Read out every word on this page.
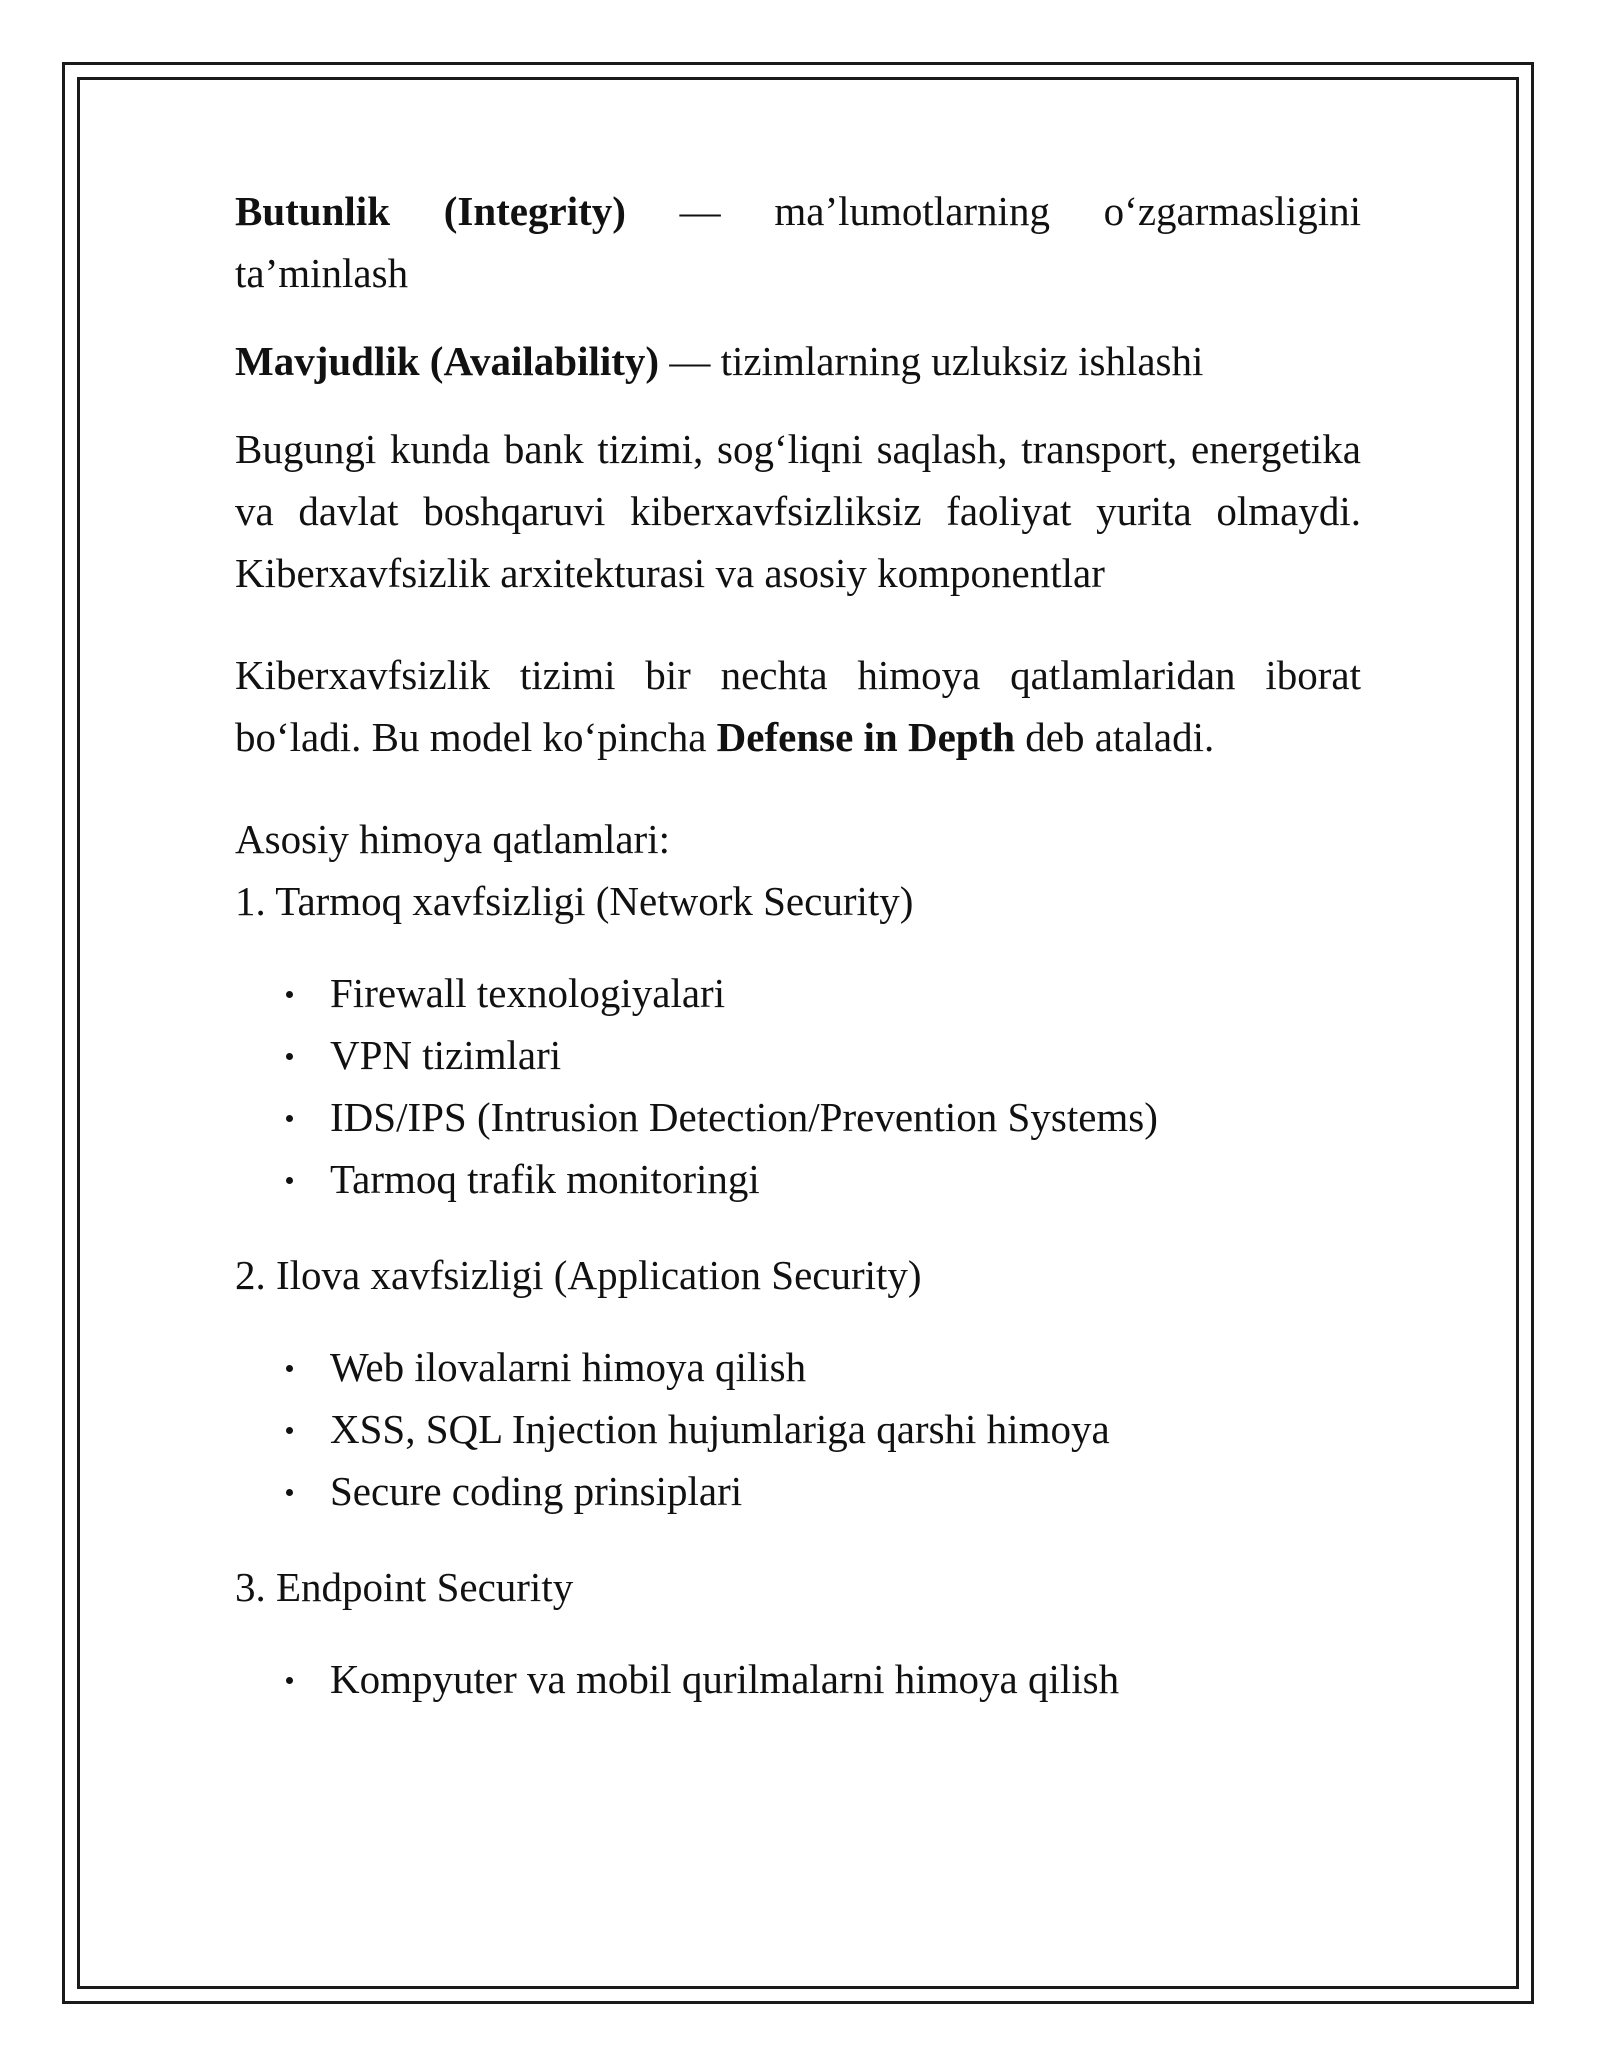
Butunlik (Integrity) — ma’lumotlarning o‘zgarmasligini ta’minlash

Mavjudlik (Availability) — tizimlarning uzluksiz ishlashi

Bugungi kunda bank tizimi, sog‘liqni saqlash, transport, energetika va davlat boshqaruvi kiberxavfsizliksiz faoliyat yurita olmaydi. Kiberxavfsizlik arxitekturasi va asosiy komponentlar

Kiberxavfsizlik tizimi bir nechta himoya qatlamlaridan iborat bo‘ladi. Bu model ko‘pincha Defense in Depth deb ataladi.

Asosiy himoya qatlamlari:

1. Tarmoq xavfsizligi (Network Security)

Firewall texnologiyalari
VPN tizimlari
IDS/IPS (Intrusion Detection/Prevention Systems)
Tarmoq trafik monitoringi

2. Ilova xavfsizligi (Application Security)

Web ilovalarni himoya qilish
XSS, SQL Injection hujumlariga qarshi himoya
Secure coding prinsiplari

3. Endpoint Security

Kompyuter va mobil qurilmalarni himoya qilish
